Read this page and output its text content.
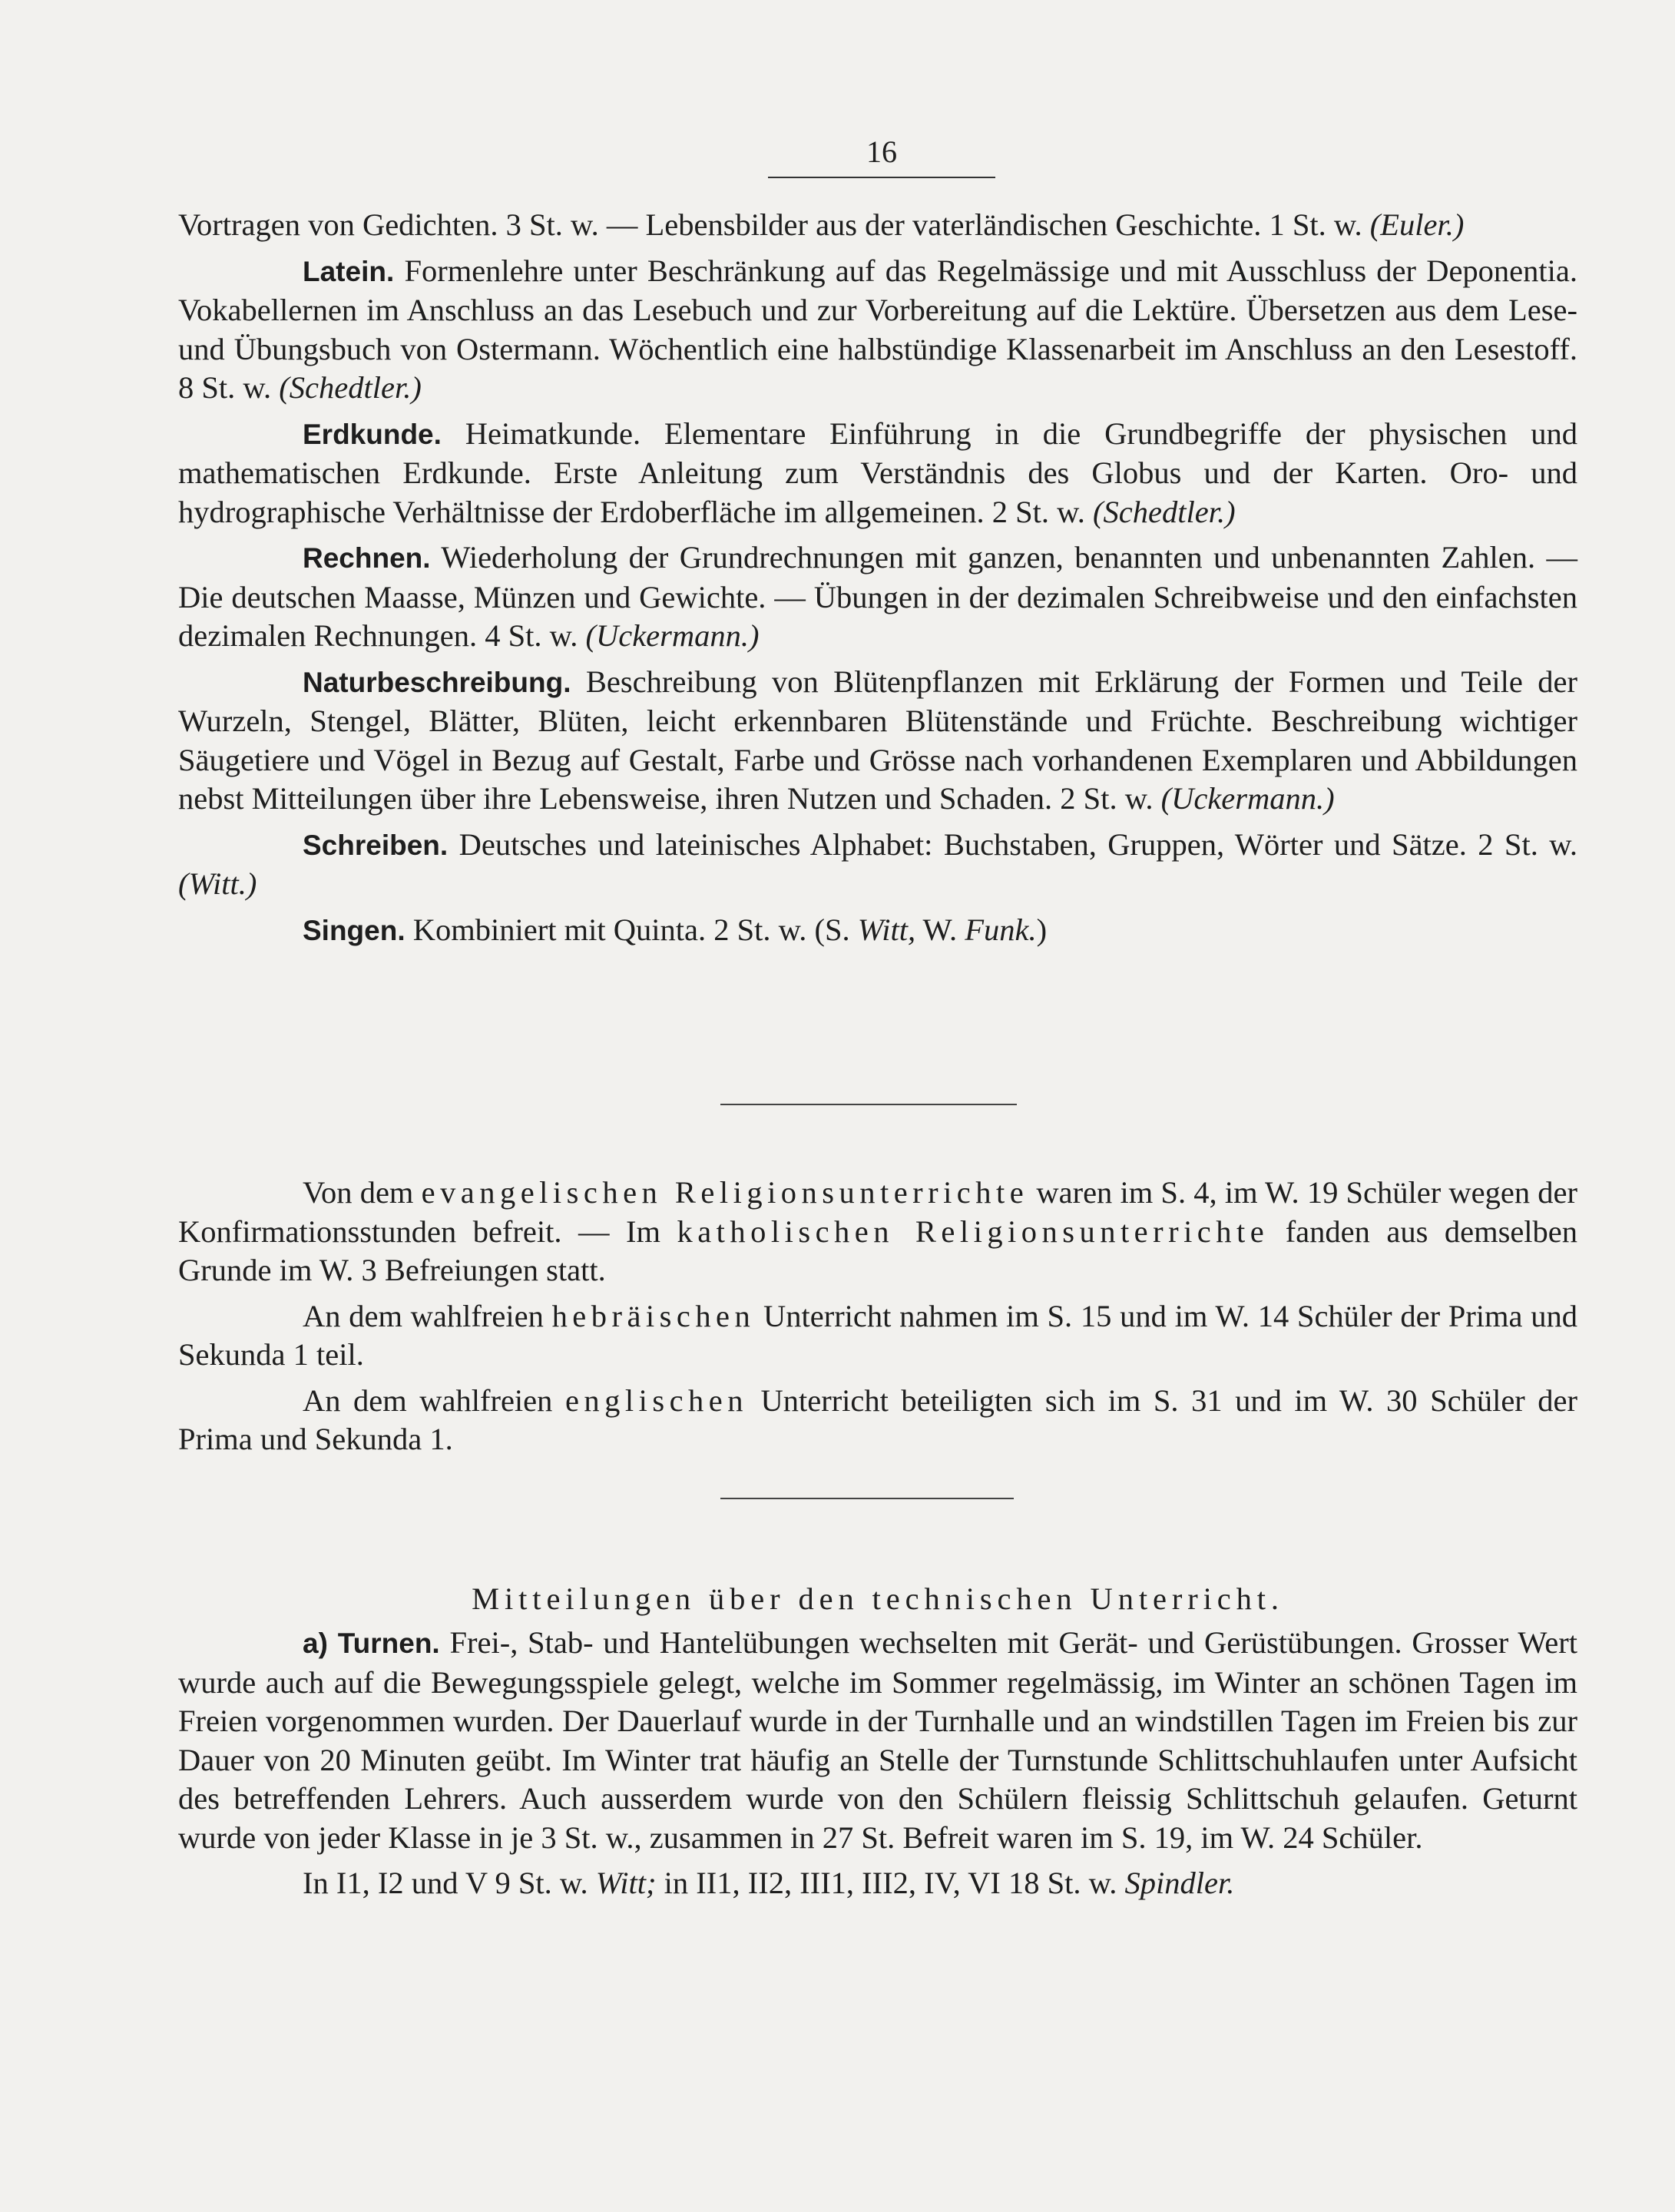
16
Vortragen von Gedichten. 3 St. w. — Lebensbilder aus der vaterländischen Geschichte. 1 St. w. (Euler.)
Latein. Formenlehre unter Beschränkung auf das Regelmässige und mit Ausschluss der Deponentia. Vokabellernen im Anschluss an das Lesebuch und zur Vorbereitung auf die Lektüre. Übersetzen aus dem Lese- und Übungsbuch von Ostermann. Wöchentlich eine halbstündige Klassenarbeit im Anschluss an den Lesestoff. 8 St. w. (Schedtler.)
Erdkunde. Heimatkunde. Elementare Einführung in die Grundbegriffe der physischen und mathematischen Erdkunde. Erste Anleitung zum Verständnis des Globus und der Karten. Oro- und hydrographische Verhältnisse der Erdoberfläche im allgemeinen. 2 St. w. (Schedtler.)
Rechnen. Wiederholung der Grundrechnungen mit ganzen, benannten und unbenannten Zahlen. — Die deutschen Maasse, Münzen und Gewichte. — Übungen in der dezimalen Schreibweise und den einfachsten dezimalen Rechnungen. 4 St. w. (Uckermann.)
Naturbeschreibung. Beschreibung von Blütenpflanzen mit Erklärung der Formen und Teile der Wurzeln, Stengel, Blätter, Blüten, leicht erkennbaren Blütenstände und Früchte. Beschreibung wichtiger Säugetiere und Vögel in Bezug auf Gestalt, Farbe und Grösse nach vorhandenen Exemplaren und Abbildungen nebst Mitteilungen über ihre Lebensweise, ihren Nutzen und Schaden. 2 St. w. (Uckermann.)
Schreiben. Deutsches und lateinisches Alphabet: Buchstaben, Gruppen, Wörter und Sätze. 2 St. w. (Witt.)
Singen. Kombiniert mit Quinta. 2 St. w. (S. Witt, W. Funk.)
Von dem evangelischen Religionsunterrichte waren im S. 4, im W. 19 Schüler wegen der Konfirmationsstunden befreit. — Im katholischen Religionsunterrichte fanden aus demselben Grunde im W. 3 Befreiungen statt.
An dem wahlfreien hebräischen Unterricht nahmen im S. 15 und im W. 14 Schüler der Prima und Sekunda 1 teil.
An dem wahlfreien englischen Unterricht beteiligten sich im S. 31 und im W. 30 Schüler der Prima und Sekunda 1.
Mitteilungen über den technischen Unterricht.
a) Turnen. Frei-, Stab- und Hantelübungen wechselten mit Gerät- und Gerüstübungen. Grosser Wert wurde auch auf die Bewegungsspiele gelegt, welche im Sommer regelmässig, im Winter an schönen Tagen im Freien vorgenommen wurden. Der Dauerlauf wurde in der Turnhalle und an windstillen Tagen im Freien bis zur Dauer von 20 Minuten geübt. Im Winter trat häufig an Stelle der Turnstunde Schlittschuhlaufen unter Aufsicht des betreffenden Lehrers. Auch ausserdem wurde von den Schülern fleissig Schlittschuh gelaufen. Geturnt wurde von jeder Klasse in je 3 St. w., zusammen in 27 St. Befreit waren im S. 19, im W. 24 Schüler.
In I1, I2 und V 9 St. w. Witt; in II1, II2, III1, III2, IV, VI 18 St. w. Spindler.
